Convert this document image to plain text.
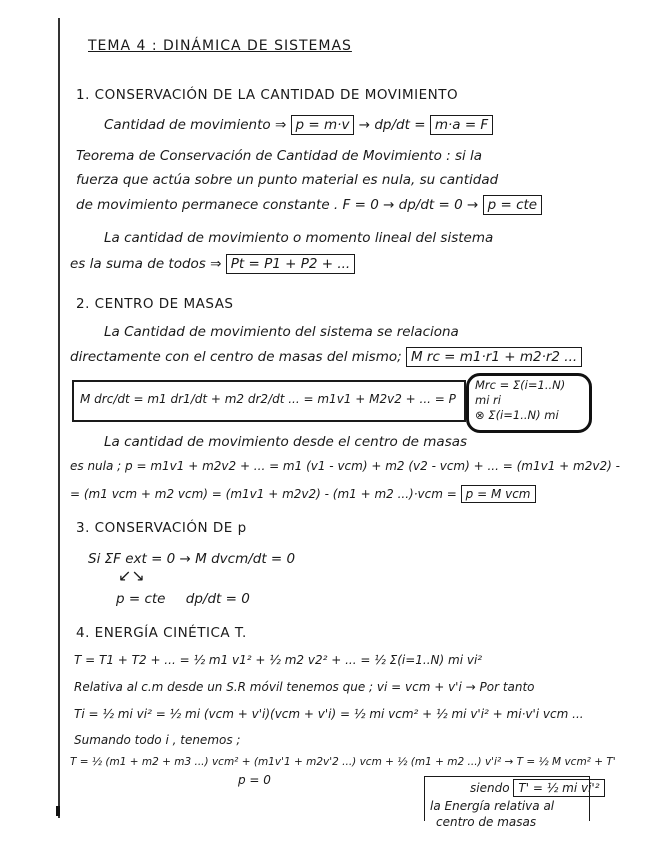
TEMA 4 : DINÁMICA DE SISTEMAS
1. CONSERVACIÓN DE LA CANTIDAD DE MOVIMIENTO
Cantidad de movimiento ⇒ p = m·v → dp/dt = m·a = F
Teorema de Conservación de Cantidad de Movimiento : si la
fuerza que actúa sobre un punto material es nula, su cantidad
de movimiento permanece constante . F = 0 → dp/dt = 0 → p = cte
La cantidad de movimiento o momento lineal del sistema
es la suma de todos ⇒ Pt = P1 + P2 + ...
2. CENTRO DE MASAS
La Cantidad de movimiento del sistema se relaciona
directamente con el centro de masas del mismo; M rc = m1·r1 + m2·r2 ...
M drc/dt = m1 dr1/dt + m2 dr2/dt ... = m1v1 + M2v2 + ... = P
Mrc = Σ(i=1..N) mi ri
⊗ Σ(i=1..N) mi
La cantidad de movimiento desde el centro de masas
es nula ; p = m1v1 + m2v2 + ... = m1 (v1 - vcm) + m2 (v2 - vcm) + ... = (m1v1 + m2v2) -
= (m1 vcm + m2 vcm) = (m1v1 + m2v2) - (m1 + m2 ...)·vcm = p = M vcm
3. CONSERVACIÓN DE p
Si ΣF ext = 0 → M dvcm/dt = 0
↙↘
p = cte dp/dt = 0
4. ENERGÍA CINÉTICA T.
T = T1 + T2 + ... = ½ m1 v1² + ½ m2 v2² + ... = ½ Σ(i=1..N) mi vi²
Relativa al c.m desde un S.R móvil tenemos que ; vi = vcm + v'i → Por tanto
Ti = ½ mi vi² = ½ mi (vcm + v'i)(vcm + v'i) = ½ mi vcm² + ½ mi v'i² + mi·v'i vcm ...
Sumando todo i , tenemos ;
T = ½ (m1 + m2 + m3 ...) vcm² + (m1v'1 + m2v'2 ...) vcm + ½ (m1 + m2 ...) v'i² → T = ½ M vcm² + T'
p = 0
siendo T' = ½ mi vi'²
la Energía relativa al
centro de masas
